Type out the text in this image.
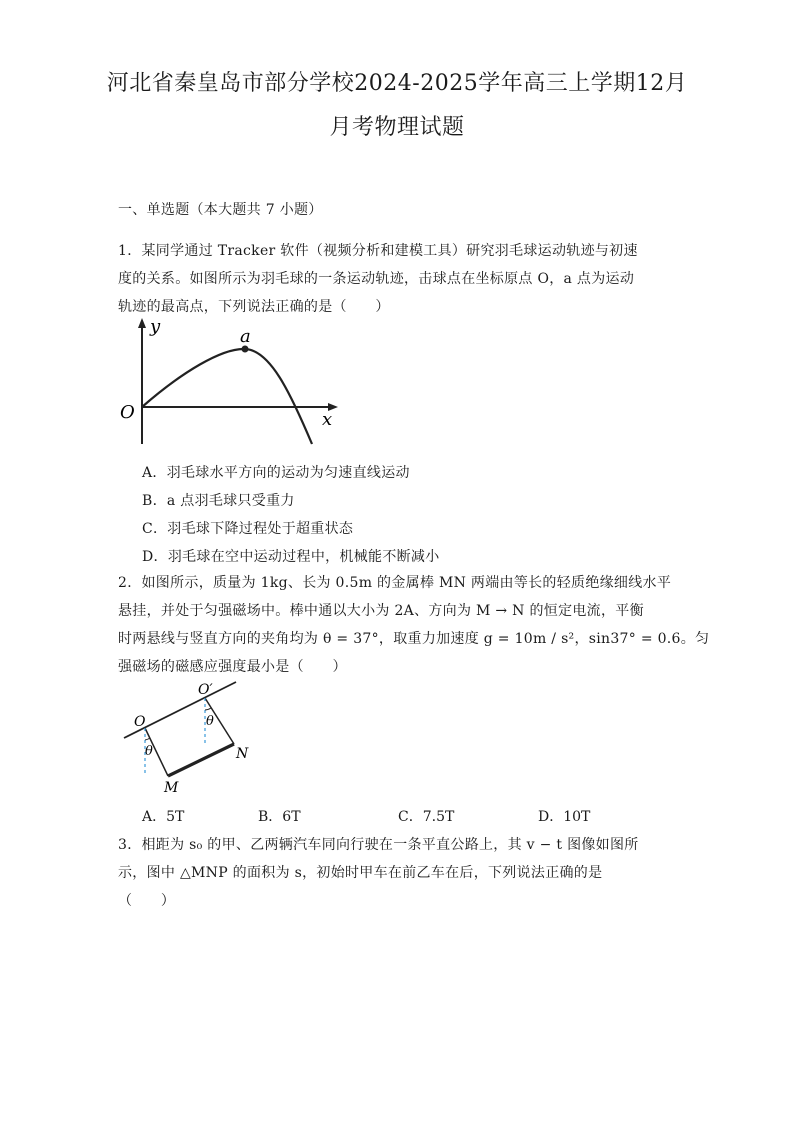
河北省秦皇岛市部分学校2024-2025学年高三上学期12月
月考物理试题
一、单选题（本大题共 7 小题）
1．某同学通过 Tracker 软件（视频分析和建模工具）研究羽毛球运动轨迹与初速
度的关系。如图所示为羽毛球的一条运动轨迹，击球点在坐标原点 O，a 点为运动
轨迹的最高点，下列说法正确的是（　　）
y
x
O
a
A．羽毛球水平方向的运动为匀速直线运动
B．a 点羽毛球只受重力
C．羽毛球下降过程处于超重状态
D．羽毛球在空中运动过程中，机械能不断减小
2．如图所示，质量为 1kg、长为 0.5m 的金属棒 MN 两端由等长的轻质绝缘细线水平
悬挂，并处于匀强磁场中。棒中通以大小为 2A、方向为 M → N 的恒定电流，平衡
时两悬线与竖直方向的夹角均为 θ = 37°，取重力加速度 g = 10m / s²，sin37° = 0.6。匀
强磁场的磁感应强度最小是（　　）
O
O′
θ
θ
M
N
A．5T	B．6T	C．7.5T	D．10T
3．相距为 s₀ 的甲、乙两辆汽车同向行驶在一条平直公路上，其 v − t 图像如图所
示，图中 △MNP 的面积为 s，初始时甲车在前乙车在后，下列说法正确的是
（　　）
